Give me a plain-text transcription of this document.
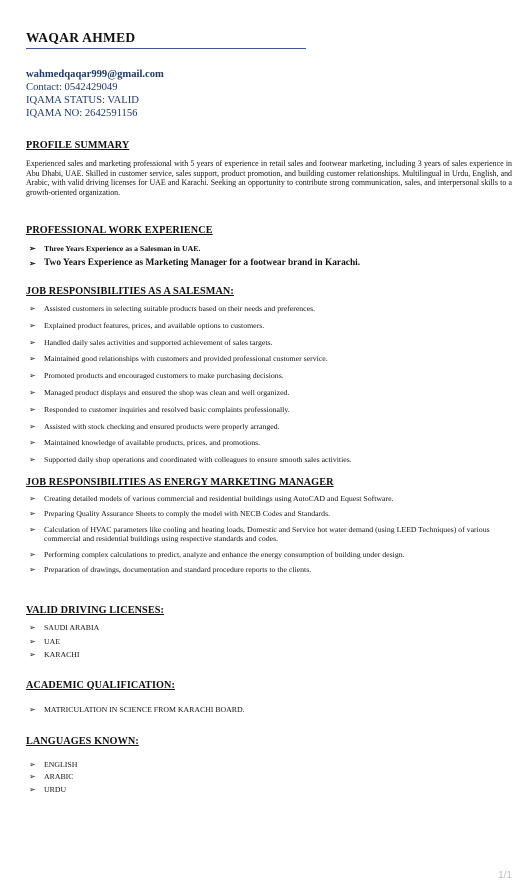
WAQAR AHMED
wahmedqaqar999@gmail.com
Contact: 0542429049
IQAMA STATUS: VALID
IQAMA NO: 2642591156
PROFILE SUMMARY
Experienced sales and marketing professional with 5 years of experience in retail sales and footwear marketing, including 3 years of sales experience in Abu Dhabi, UAE. Skilled in customer service, sales support, product promotion, and building customer relationships. Multilingual in Urdu, English, and Arabic, with valid driving licenses for UAE and Karachi. Seeking an opportunity to contribute strong communication, sales, and interpersonal skills to a growth-oriented organization.
PROFESSIONAL WORK EXPERIENCE
➢ Three Years Experience as a Salesman in UAE.
➢ Two Years Experience as Marketing Manager for a footwear brand in Karachi.
JOB RESPONSIBILITIES AS A SALESMAN:
➢ Assisted customers in selecting suitable products based on their needs and preferences.
➢ Explained product features, prices, and available options to customers.
➢ Handled daily sales activities and supported achievement of sales targets.
➢ Maintained good relationships with customers and provided professional customer service.
➢ Promoted products and encouraged customers to make purchasing decisions.
➢ Managed product displays and ensured the shop was clean and well organized.
➢ Responded to customer inquiries and resolved basic complaints professionally.
➢ Assisted with stock checking and ensured products were properly arranged.
➢ Maintained knowledge of available products, prices, and promotions.
➢ Supported daily shop operations and coordinated with colleagues to ensure smooth sales activities.
JOB RESPONSIBILITIES AS ENERGY MARKETING MANAGER
➢ Creating detailed models of various commercial and residential buildings using AutoCAD and Equest Software.
➢ Preparing Quality Assurance Sheets to comply the model with NECB Codes and Standards.
➢ Calculation of HVAC parameters like cooling and heating loads, Domestic and Service hot water demand (using LEED Techniques) of various commercial and residential buildings using respective standards and codes.
➢ Performing complex calculations to predict, analyze and enhance the energy consumption of building under design.
➢ Preparation of drawings, documentation and standard procedure reports to the clients.
VALID DRIVING LICENSES:
➢ SAUDI ARABIA
➢ UAE
➢ KARACHI
ACADEMIC QUALIFICATION:
➢ MATRICULATION IN SCIENCE FROM KARACHI BOARD.
LANGUAGES KNOWN:
➢ ENGLISH
➢ ARABIC
➢ URDU
1/1
